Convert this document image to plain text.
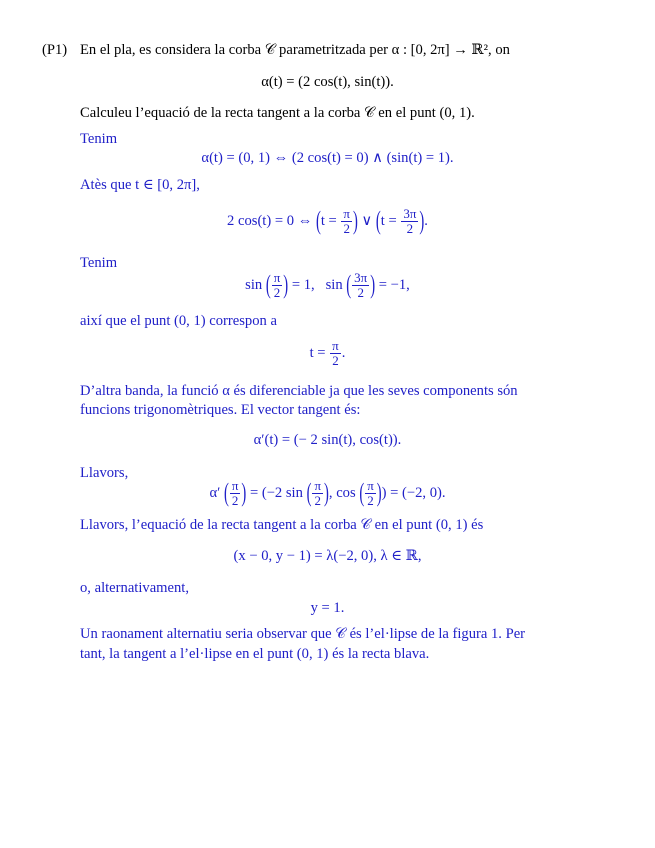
(P1) En el pla, es considera la corba 𝒞 parametritzada per α : [0, 2π] → ℝ², on
α(t) = (2 cos(t), sin(t)).
Calculeu l’equació de la recta tangent a la corba 𝒞 en el punt (0, 1).
Tenim
α(t) = (0, 1) ⇔ (2 cos(t) = 0) ∧ (sin(t) = 1).
Atès que t ∈ [0, 2π],
2 cos(t) = 0 ⇔ ($t = \frac{\pi}{2}$ ) ∨ ($t = \frac{3\pi}{2}$ ).
Tenim
sin ( $\frac{\pi}{2}$ ) = 1, sin ( $\frac{3\pi}{2}$ ) = −1,
així que el punt (0, 1) correspon a
$t = \frac{\pi}{2}$ .
D’altra banda, la funció α és diferenciable ja que les seves components són
funcions trigonomètriques. El vector tangent és:
α′(t) = (− 2 sin(t), cos(t)).
Llavors,
α′ ( $\frac{\pi}{2}$ ) = (−2 sin ( $\frac{\pi}{2}$ ), cos ( $\frac{\pi}{2}$ )) = (−2, 0).
Llavors, l’equació de la recta tangent a la corba 𝒞 en el punt (0, 1) és
(x − 0, y − 1) = λ(−2, 0), λ ∈ ℝ,
o, alternativament,
y = 1.
Un raonament alternatiu seria observar que 𝒞 és l’el·lipse de la figura 1. Per
tant, la tangent a l’el·lipse en el punt (0, 1) és la recta blava.
